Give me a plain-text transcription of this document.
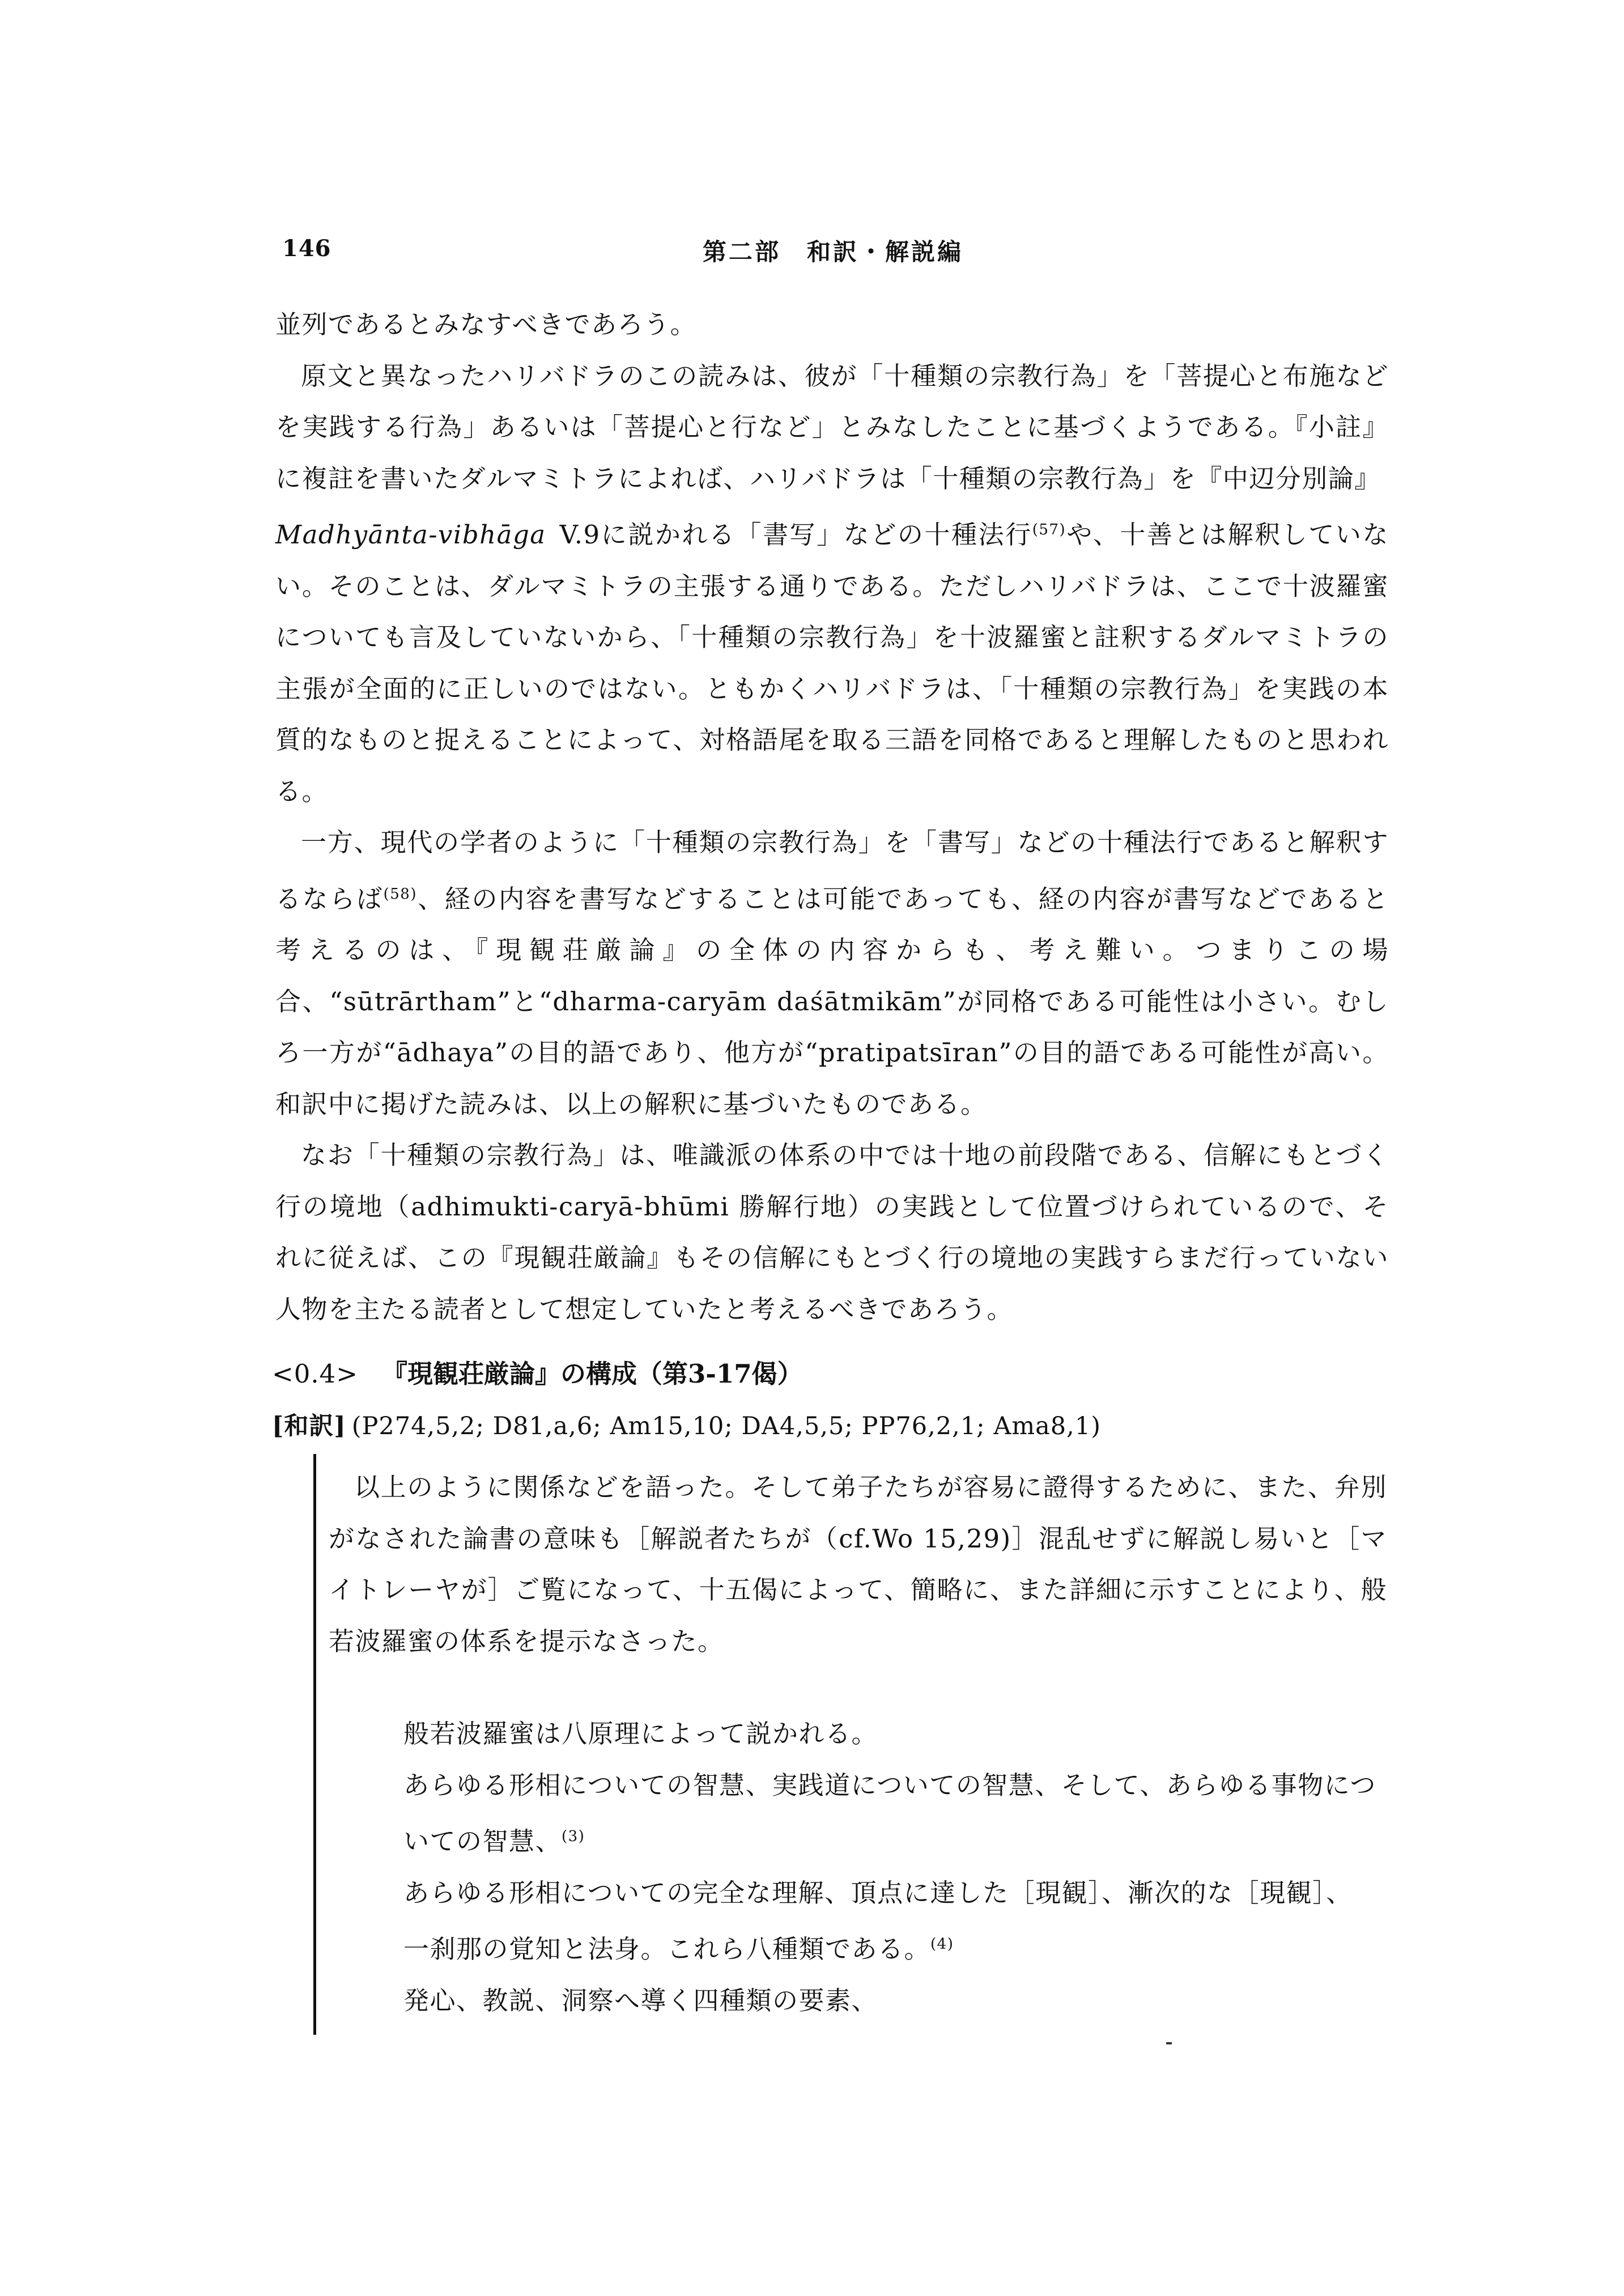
146	第二部　和訳・解説編

並列であるとみなすべきであろう。

原文と異なったハリバドラのこの読みは、彼が「十種類の宗教行為」を「菩提心と布施などを実践する行為」あるいは「菩提心と行など」とみなしたことに基づくようである。『小註』に複註を書いたダルマミトラによれば、ハリバドラは「十種類の宗教行為」を『中辺分別論』
Madhyānta-vibhāga  V.9に説かれる「書写」などの十種法行$^{(57)}$や、十善とは解釈していない。そのことは、ダルマミトラの主張する通りである。ただしハリバドラは、ここで十波羅蜜についても言及していないから、「十種類の宗教行為」を十波羅蜜と註釈するダルマミトラの主張が全面的に正しいのではない。ともかくハリバドラは、「十種類の宗教行為」を実践の本質的なものと捉えることによって、対格語尾を取る三語を同格であると理解したものと思われる。

一方、現代の学者のように「十種類の宗教行為」を「書写」などの十種法行であると解釈するならば$^{(58)}$、経の内容を書写などすることは可能であっても、経の内容が書写などであると考えるのは、『現観荘厳論』の全体の内容からも、考え難い。つまりこの場合、“sūtrārtham”と“dharma-caryām daśātmikām”が同格である可能性は小さい。むしろ一方が“ādhaya”の目的語であり、他方が“pratipatsīran”の目的語である可能性が高い。和訳中に掲げた読みは、以上の解釈に基づいたものである。

なお「十種類の宗教行為」は、唯識派の体系の中では十地の前段階である、信解にもとづく行の境地（adhimukti-caryā-bhūmi 勝解行地）の実践として位置づけられているので、それに従えば、この『現観荘厳論』もその信解にもとづく行の境地の実践すらまだ行っていない人物を主たる読者として想定していたと考えるべきであろう。

<0.4> 『現観荘厳論』の構成（第3-17偈）
[和訳] (P274,5,2; D81,a,6; Am15,10; DA4,5,5; PP76,2,1; Ama8,1)

以上のように関係などを語った。そして弟子たちが容易に證得するために、また、弁別がなされた論書の意味も［解説者たちが（cf.Wo 15,29)］混乱せずに解説し易いと［マイトレーヤが］ご覧になって、十五偈によって、簡略に、また詳細に示すことにより、般若波羅蜜の体系を提示なさった。

般若波羅蜜は八原理によって説かれる。

あらゆる形相についての智慧、実践道についての智慧、そして、あらゆる事物についての智慧、$^{(3)}$

あらゆる形相についての完全な理解、頂点に達した［現観］、漸次的な［現観］、

一刹那の覚知と法身。これら八種類である。$^{(4)}$

発心、教説、洞察へ導く四種類の要素、
